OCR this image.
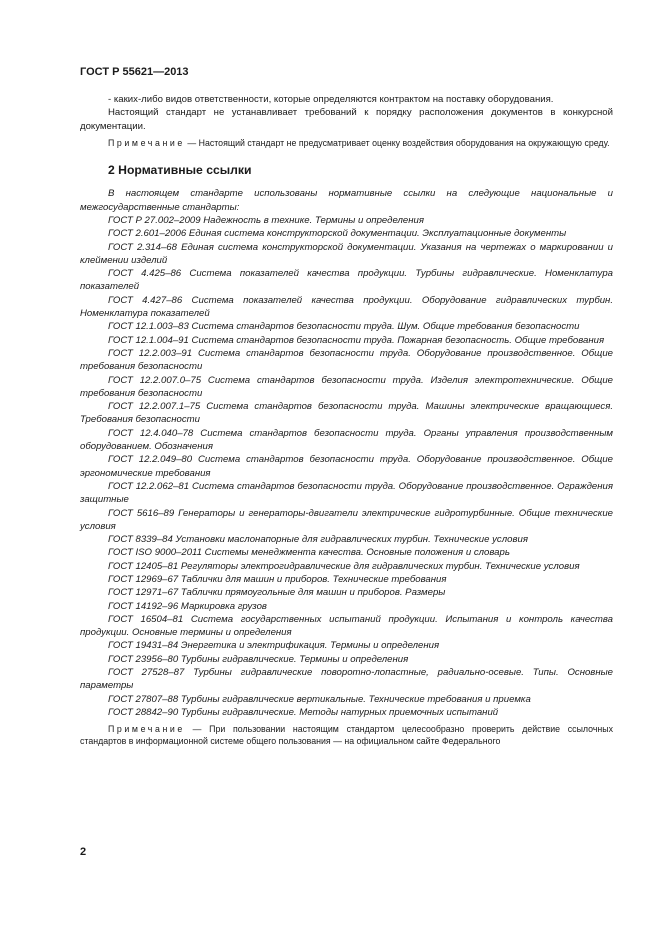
ГОСТ Р 55621—2013

- каких-либо видов ответственности, которые определяются контрактом на поставку оборудования.

Настоящий стандарт не устанавливает требований к порядку расположения документов в конкурсной документации.

Примечание — Настоящий стандарт не предусматривает оценку воздействия оборудования на окружающую среду.

2 Нормативные ссылки

В настоящем стандарте использованы нормативные ссылки на следующие национальные и межгосударственные стандарты:

ГОСТ Р 27.002–2009 Надежность в технике. Термины и определения

ГОСТ 2.601–2006 Единая система конструкторской документации. Эксплуатационные документы

ГОСТ 2.314–68 Единая система конструкторской документации. Указания на чертежах о маркировании и клеймении изделий

ГОСТ 4.425–86 Система показателей качества продукции. Турбины гидравлические. Номенклатура показателей

ГОСТ 4.427–86 Система показателей качества продукции. Оборудование гидравлических турбин. Номенклатура показателей

ГОСТ 12.1.003–83 Система стандартов безопасности труда. Шум. Общие требования безопасности

ГОСТ 12.1.004–91 Система стандартов безопасности труда. Пожарная безопасность. Общие требования

ГОСТ 12.2.003–91 Система стандартов безопасности труда. Оборудование производственное. Общие требования безопасности

ГОСТ 12.2.007.0–75 Система стандартов безопасности труда. Изделия электротехнические. Общие требования безопасности

ГОСТ 12.2.007.1–75 Система стандартов безопасности труда. Машины электрические вращающиеся. Требования безопасности

ГОСТ 12.4.040–78 Система стандартов безопасности труда. Органы управления производственным оборудованием. Обозначения

ГОСТ 12.2.049–80 Система стандартов безопасности труда. Оборудование производственное. Общие эргономические требования

ГОСТ 12.2.062–81 Система стандартов безопасности труда. Оборудование производственное. Ограждения защитные

ГОСТ 5616–89 Генераторы и генераторы-двигатели электрические гидротурбинные. Общие технические условия

ГОСТ 8339–84 Установки маслонапорные для гидравлических турбин. Технические условия

ГОСТ ISO 9000–2011 Системы менеджмента качества. Основные положения и словарь

ГОСТ 12405–81 Регуляторы электрогидравлические для гидравлических турбин. Технические условия

ГОСТ 12969–67 Таблички для машин и приборов. Технические требования

ГОСТ 12971–67 Таблички прямоугольные для машин и приборов. Размеры

ГОСТ 14192–96 Маркировка грузов

ГОСТ 16504–81 Система государственных испытаний продукции. Испытания и контроль качества продукции. Основные термины и определения

ГОСТ 19431–84 Энергетика и электрификация. Термины и определения

ГОСТ 23956–80 Турбины гидравлические. Термины и определения

ГОСТ 27528–87 Турбины гидравлические поворотно-лопастные, радиально-осевые. Типы. Основные параметры

ГОСТ 27807–88 Турбины гидравлические вертикальные. Технические требования и приемка

ГОСТ 28842–90 Турбины гидравлические. Методы натурных приемочных испытаний

Примечание — При пользовании настоящим стандартом целесообразно проверить действие ссылочных стандартов в информационной системе общего пользования — на официальном сайте Федерального

2
